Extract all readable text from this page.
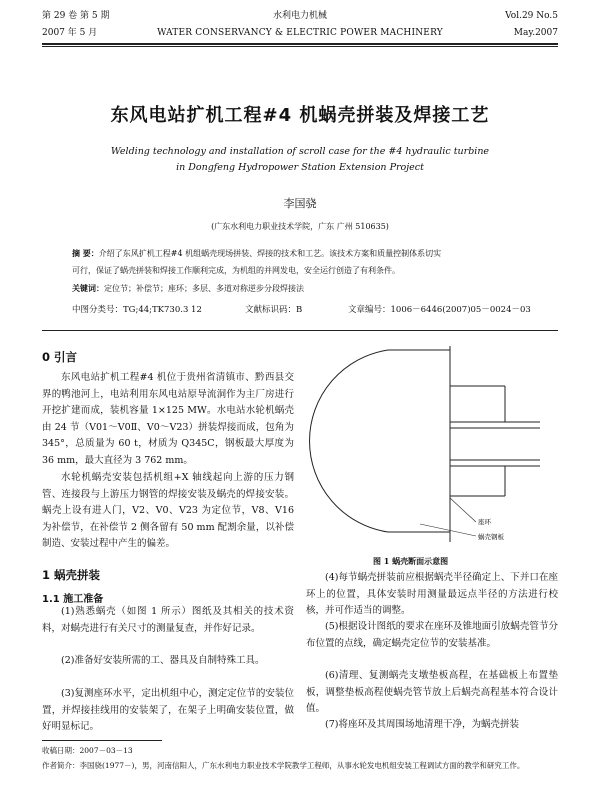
第 29 卷 第 5 期
2007 年 5 月
水利电力机械
WATER CONSERVANCY & ELECTRIC POWER MACHINERY
Vol.29 No.5
May.2007
东风电站扩机工程#4 机蜗壳拼装及焊接工艺
Welding technology and installation of scroll case for the #4 hydraulic turbine
in Dongfeng Hydropower Station Extension Project
李国骁
(广东水利电力职业技术学院，广东 广州 510635)
摘 要：介绍了东风扩机工程#4 机组蜗壳现场拼装、焊接的技术和工艺。该技术方案和质量控制体系切实
可行，保证了蜗壳拼装和焊接工作顺利完成，为机组的并网发电，安全运行创造了有利条件。
关键词：定位节；补偿节；座环；多层、多道对称逆步分段焊接法
中图分类号：TG;44;TK730.3 12	文献标识码：B	文章编号：1006－6446(2007)05－0024－03
0 引言
东风电站扩机工程#4 机位于贵州省清镇市、黔西县交界的鸭池河上，电站利用东风电站原导流洞作为主厂房进行开挖扩建而成，装机容量 1×125 MW。水电站水轮机蜗壳由 24 节（V01～V0Ⅱ、V0～V23）拼装焊接而成，包角为 345°，总质量为 60 t，材质为 Q345C，钢板最大厚度为 36 mm，最大直径为 3 762 mm。
水轮机蜗壳安装包括机组+X 轴线起向上游的压力钢管、连接段与上游压力钢管的焊接安装及蜗壳的焊接安装。蜗壳上设有进人门，V2、V0、V23 为定位节，V8、V16 为补偿节，在补偿节 2 侧各留有 50 mm 配割余量，以补偿制造、安装过程中产生的偏差。
1 蜗壳拼装
1.1 施工准备
(1)熟悉蜗壳（如图 1 所示）图纸及其相关的技术资料，对蜗壳进行有关尺寸的测量复查，并作好记录。
(2)准备好安装所需的工、器具及自制特殊工具。
(3)复测座环水平，定出机组中心，测定定位节的安装位置，并焊接挂线用的安装架了，在架子上明确安装位置，做好明显标记。
座环
蜗壳钢板
图 1 蜗壳断面示意图
(4)每节蜗壳拼装前应根据蜗壳半径确定上、下并口在座环上的位置，具体安装时用测量最远点半径的方法进行校核，并可作适当的调整。
(5)根据设计图纸的要求在座环及锥地面引放蜗壳管节分布位置的点线，确定蜗壳定位节的安装基准。
(6)清理、复测蜗壳支墩垫板高程，在基础板上布置垫板，调整垫板高程使蜗壳管节放上后蜗壳高程基本符合设计值。
(7)将座环及其周围场地清理干净，为蜗壳拼装
收稿日期：2007－03－13
作者简介：李国骁(1977－)，男，河南信阳人，广东水利电力职业技术学院教学工程师，从事水轮发电机组安装工程调试方面的教学和研究工作。
